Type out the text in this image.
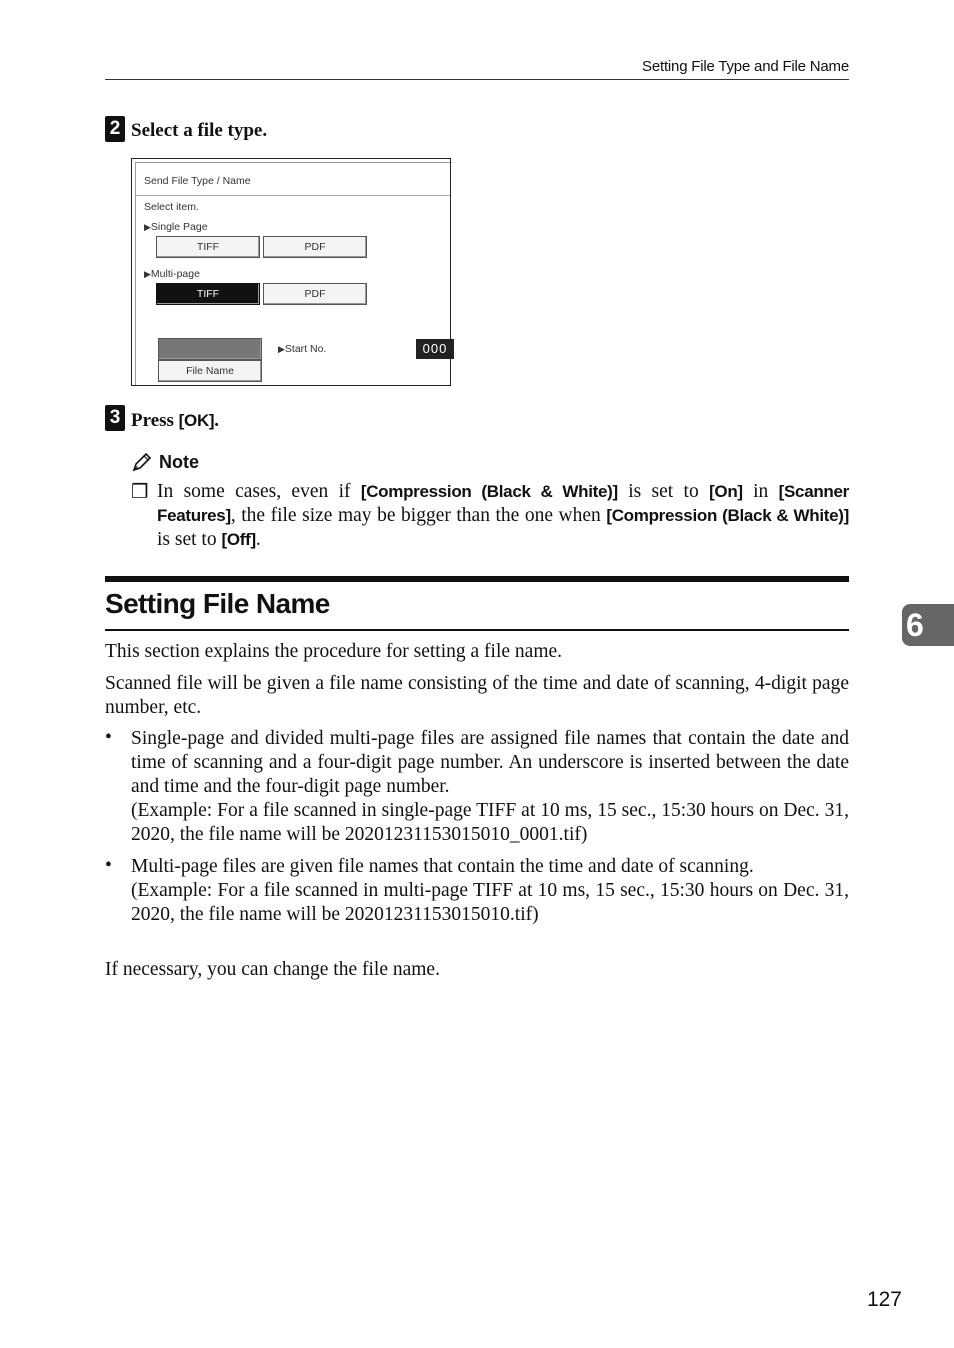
Setting File Type and File Name
2 Select a file type.
Send File Type / Name
Select item.
▶Single Page
TIFF	PDF
▶Multi-page
TIFF	PDF
File Name
▶Start No.	000
3 Press [OK].
Note
❒ In some cases, even if [Compression (Black & White)] is set to [On] in [Scanner Features], the file size may be bigger than the one when [Compression (Black & White)] is set to [Off].
Setting File Name
6
This section explains the procedure for setting a file name.
Scanned file will be given a file name consisting of the time and date of scanning, 4-digit page number, etc.
• Single-page and divided multi-page files are assigned file names that contain the date and time of scanning and a four-digit page number. An underscore is inserted between the date and time and the four-digit page number.
(Example: For a file scanned in single-page TIFF at 10 ms, 15 sec., 15:30 hours on Dec. 31, 2020, the file name will be 20201231153015010_0001.tif)
• Multi-page files are given file names that contain the time and date of scanning.
(Example: For a file scanned in multi-page TIFF at 10 ms, 15 sec., 15:30 hours on Dec. 31, 2020, the file name will be 20201231153015010.tif)
If necessary, you can change the file name.
127
